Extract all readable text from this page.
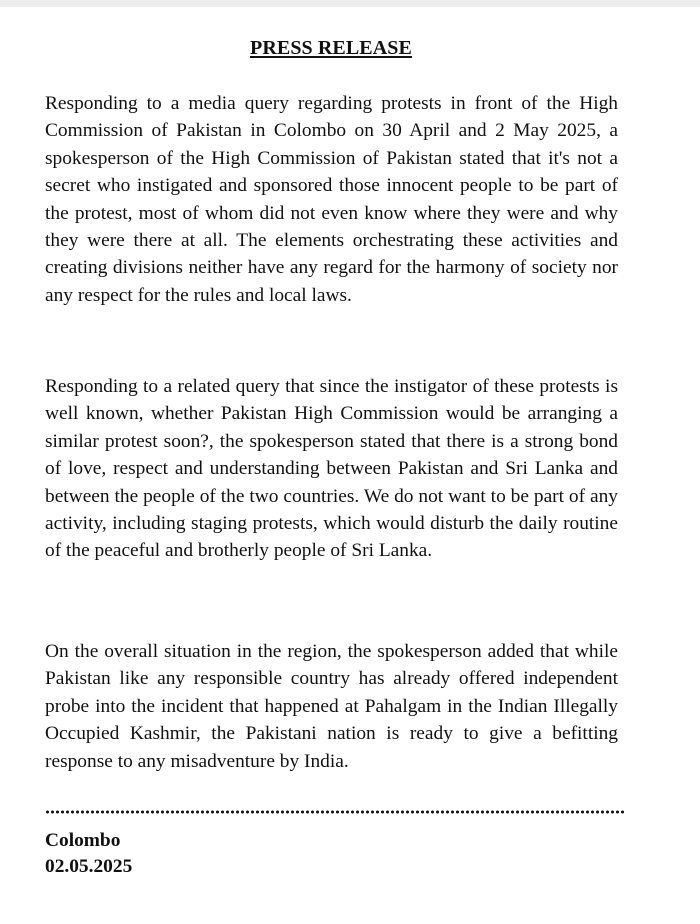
PRESS RELEASE

Responding to a media query regarding protests in front of the High Commission of Pakistan in Colombo on 30 April and 2 May 2025, a spokesperson of the High Commission of Pakistan stated that it's not a secret who instigated and sponsored those innocent people to be part of the protest, most of whom did not even know where they were and why they were there at all. The elements orchestrating these activities and creating divisions neither have any regard for the harmony of society nor any respect for the rules and local laws.

Responding to a related query that since the instigator of these protests is well known, whether Pakistan High Commission would be arranging a similar protest soon?, the spokesperson stated that there is a strong bond of love, respect and understanding between Pakistan and Sri Lanka and between the people of the two countries. We do not want to be part of any activity, including staging protests, which would disturb the daily routine of the peaceful and brotherly people of Sri Lanka.

On the overall situation in the region, the spokesperson added that while Pakistan like any responsible country has already offered independent probe into the incident that happened at Pahalgam in the Indian Illegally Occupied Kashmir, the Pakistani nation is ready to give a befitting response to any misadventure by India.

Colombo
02.05.2025
